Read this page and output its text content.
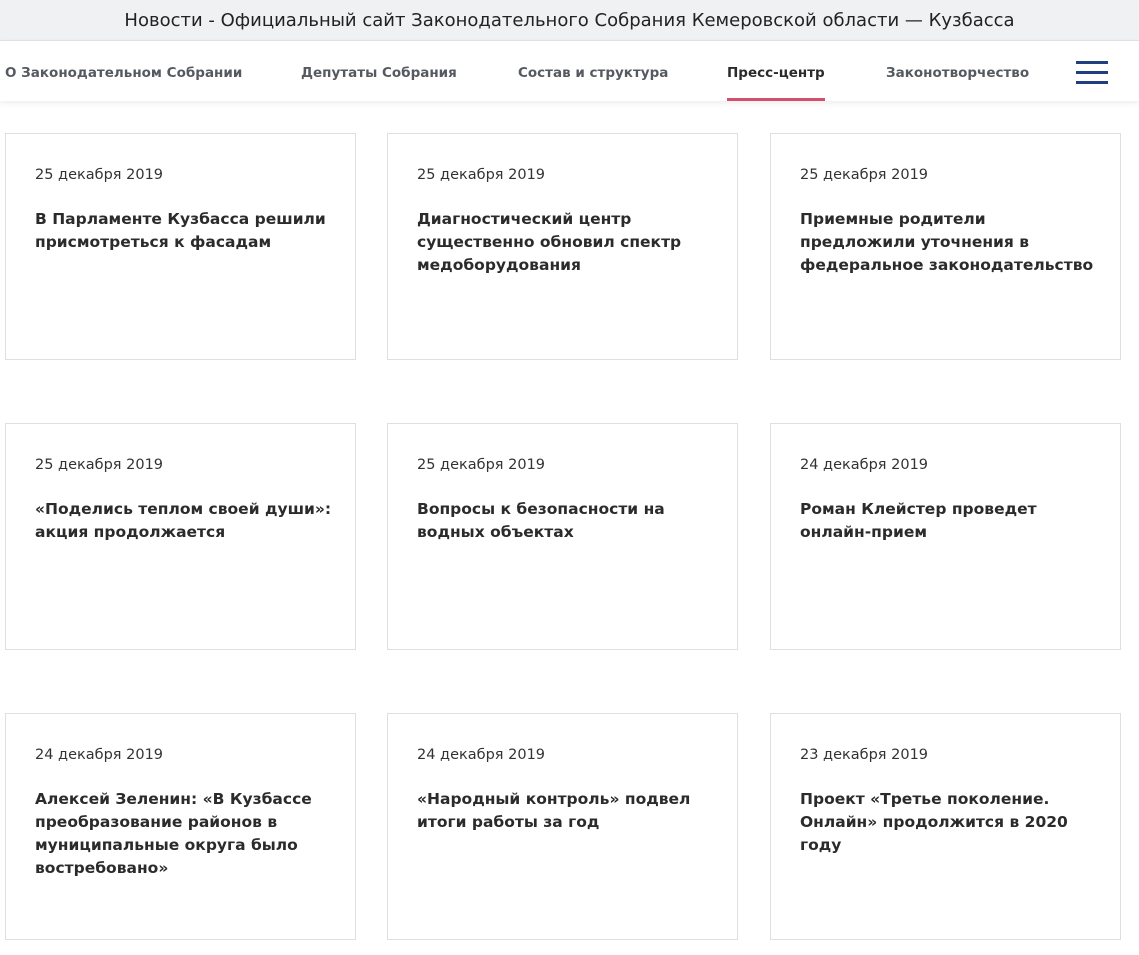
Новости - Официальный сайт Законодательного Собрания Кемеровской области — Кузбасса
О Законодательном Собрании	Депутаты Собрания	Состав и структура	Пресс-центр	Законотворчество
25 декабря 2019
В Парламенте Кузбасса решили присмотреться к фасадам
25 декабря 2019
Диагностический центр существенно обновил спектр медоборудования
25 декабря 2019
Приемные родители предложили уточнения в федеральное законодательство
25 декабря 2019
«Поделись теплом своей души»: акция продолжается
25 декабря 2019
Вопросы к безопасности на водных объектах
24 декабря 2019
Роман Клейстер проведет онлайн-прием
24 декабря 2019
Алексей Зеленин: «В Кузбассе преобразование районов в муниципальные округа было востребовано»
24 декабря 2019
«Народный контроль» подвел итоги работы за год
23 декабря 2019
Проект «Третье поколение. Онлайн» продолжится в 2020 году
